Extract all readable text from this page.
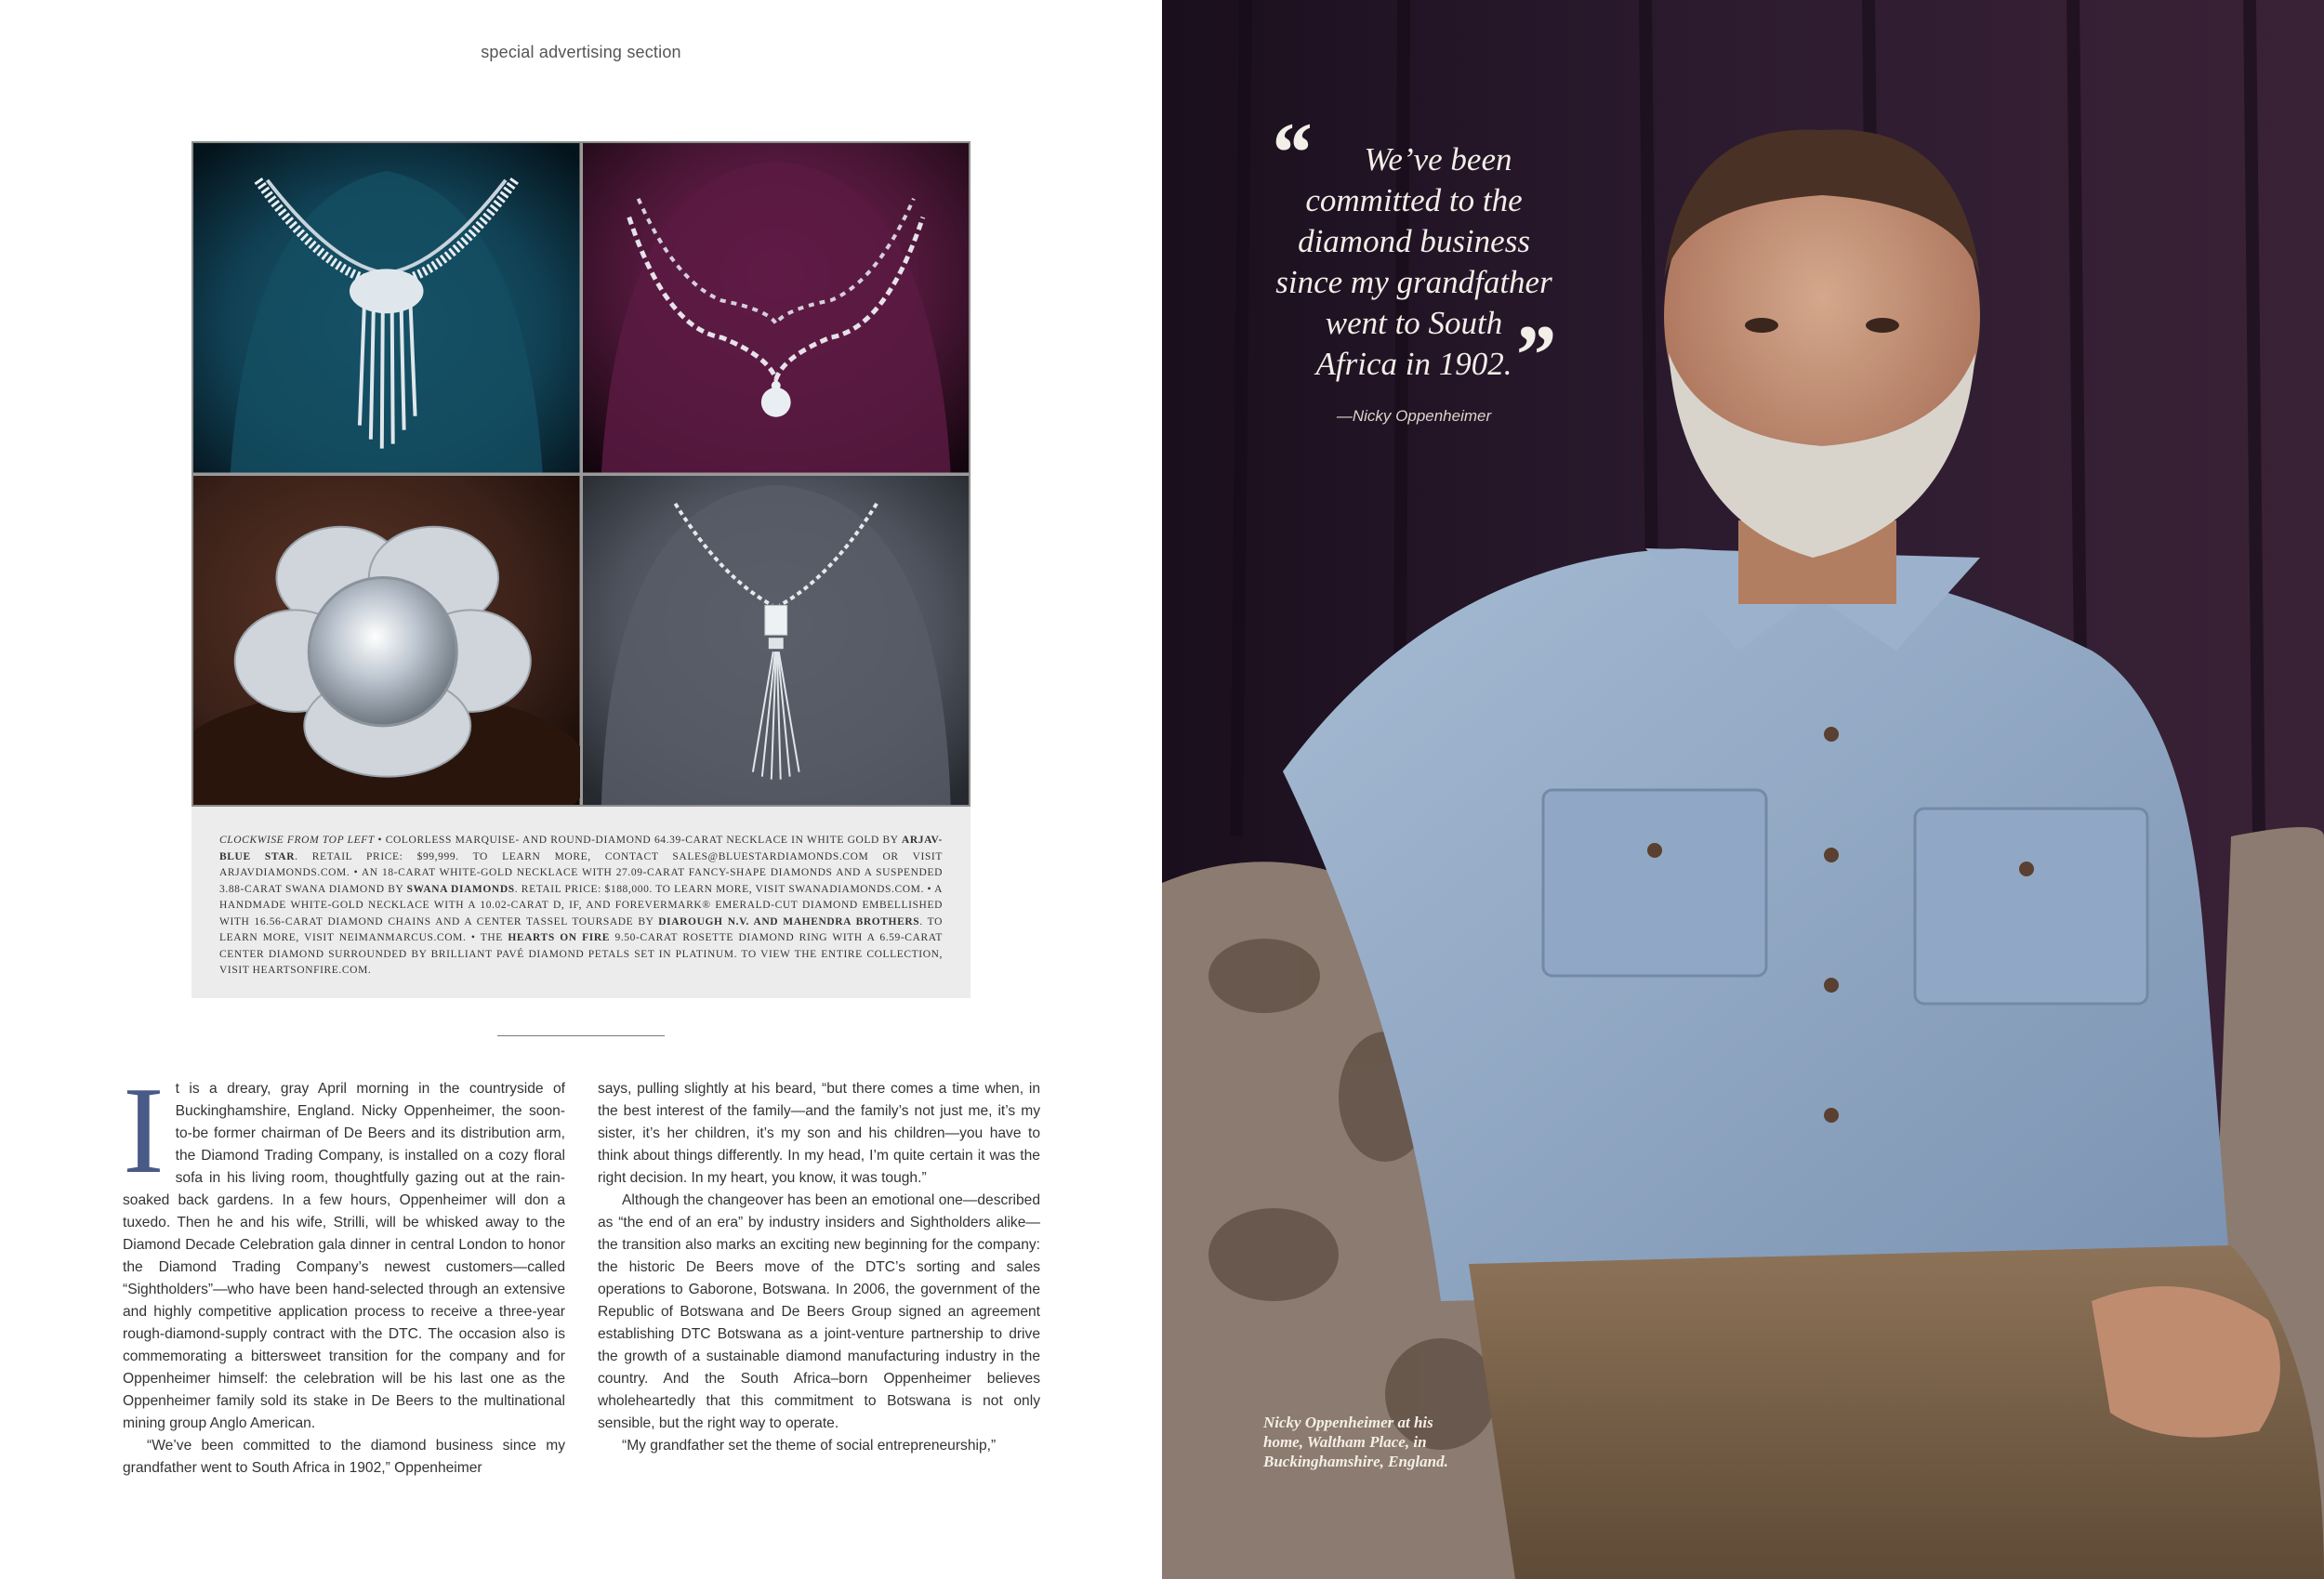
special advertising section
CLOCKWISE FROM TOP LEFT • COLORLESS MARQUISE- AND ROUND-DIAMOND 64.39-CARAT NECKLACE IN WHITE GOLD BY ARJAV-BLUE STAR. RETAIL PRICE: $99,999. TO LEARN MORE, CONTACT SALES@BLUESTARDIAMONDS.COM OR VISIT ARJAVDIAMONDS.COM. • AN 18-CARAT WHITE-GOLD NECKLACE WITH 27.09-CARAT FANCY-SHAPE DIAMONDS AND A SUSPENDED 3.88-CARAT SWANA DIAMOND BY SWANA DIAMONDS. RETAIL PRICE: $188,000. TO LEARN MORE, VISIT SWANADIAMONDS.COM. • A HANDMADE WHITE-GOLD NECKLACE WITH A 10.02-CARAT D, IF, AND FOREVERMARK® EMERALD-CUT DIAMOND EMBELLISHED WITH 16.56-CARAT DIAMOND CHAINS AND A CENTER TASSEL TOURSADE BY DIAROUGH N.V. AND MAHENDRA BROTHERS. TO LEARN MORE, VISIT NEIMANMARCUS.COM. • THE HEARTS ON FIRE 9.50-CARAT ROSETTE DIAMOND RING WITH A 6.59-CARAT CENTER DIAMOND SURROUNDED BY BRILLIANT PAVÉ DIAMOND PETALS SET IN PLATINUM. TO VIEW THE ENTIRE COLLECTION, VISIT HEARTSONFIRE.COM.

It is a dreary, gray April morning in the countryside of Buckinghamshire, England. Nicky Oppenheimer, the soon-to-be former chairman of De Beers and its distribution arm, the Diamond Trading Company, is installed on a cozy floral sofa in his living room, thoughtfully gazing out at the rain-soaked back gardens. In a few hours, Oppenheimer will don a tuxedo. Then he and his wife, Strilli, will be whisked away to the Diamond Decade Celebration gala dinner in central London to honor the Diamond Trading Company’s newest customers—called “Sightholders”—who have been hand-selected through an extensive and highly competitive application process to receive a three-year rough-diamond-supply contract with the DTC. The occasion also is commemorating a bittersweet transition for the company and for Oppenheimer himself: the celebration will be his last one as the Oppenheimer family sold its stake in De Beers to the multinational mining group Anglo American.

“We’ve been committed to the diamond business since my grandfather went to South Africa in 1902,” Oppenheimer

says, pulling slightly at his beard, “but there comes a time when, in the best interest of the family—and the family’s not just me, it’s my sister, it’s her children, it’s my son and his children—you have to think about things differently. In my head, I’m quite certain it was the right decision. In my heart, you know, it was tough.”

Although the changeover has been an emotional one—described as “the end of an era” by industry insiders and Sightholders alike—the transition also marks an exciting new beginning for the company: the historic De Beers move of the DTC’s sorting and sales operations to Gaborone, Botswana. In 2006, the government of the Republic of Botswana and De Beers Group signed an agreement establishing DTC Botswana as a joint-venture partnership to drive the growth of a sustainable diamond manufacturing industry in the country. And the South Africa–born Oppenheimer believes wholeheartedly that this commitment to Botswana is not only sensible, but the right way to operate.

“My grandfather set the theme of social entrepreneurship,”

“	We’ve been
committed to the
diamond business
since my grandfather
went to South
Africa in 1902. ”
—Nicky Oppenheimer
Nicky Oppenheimer at his
home, Waltham Place, in
Buckinghamshire, England.
